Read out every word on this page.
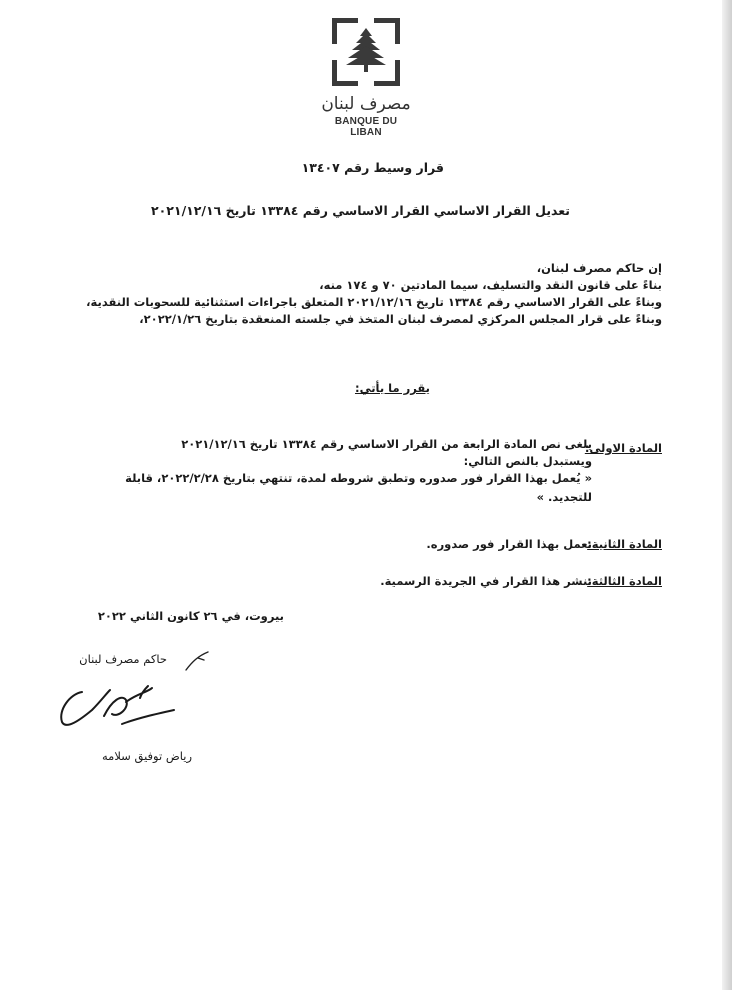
مصرف لبنان
BANQUE DU LIBAN
قرار وسيط رقم ١٣٤٠٧
تعديل القرار الاساسي القرار الاساسي رقم ١٣٣٨٤ تاريخ ٢٠٢١/١٢/١٦
إن حاكم مصرف لبنان،
بناءً على قانون النقد والتسليف، سيما المادتين ٧٠ و ١٧٤ منه،
وبناءً على القرار الاساسي رقم ١٣٣٨٤ تاريخ ٢٠٢١/١٢/١٦ المتعلق باجراءات استثنائية للسحوبات النقدية،
وبناءً على قرار المجلس المركزي لمصرف لبنان المتخذ في جلسته المنعقدة بتاريخ ٢٠٢٢/١/٢٦،
يقرر ما يأتي:
المادة الاولى:
يلغى نص المادة الرابعة من القرار الاساسي رقم ١٣٣٨٤ تاريخ ٢٠٢١/١٢/١٦
ويستبدل بالنص التالي:
« يُعمل بهذا القرار فور صدوره وتطبق شروطه لمدة، تنتهي بتاريخ ٢٠٢٢/٢/٢٨، قابلة
للتجديد. »
المادة الثانية:
يعمل بهذا القرار فور صدوره.
المادة الثالثة:
ينشر هذا القرار في الجريدة الرسمية.
بيروت، في ٢٦ كانون الثاني ٢٠٢٢
حاكم مصرف لبنان
رياض توفيق سلامه
